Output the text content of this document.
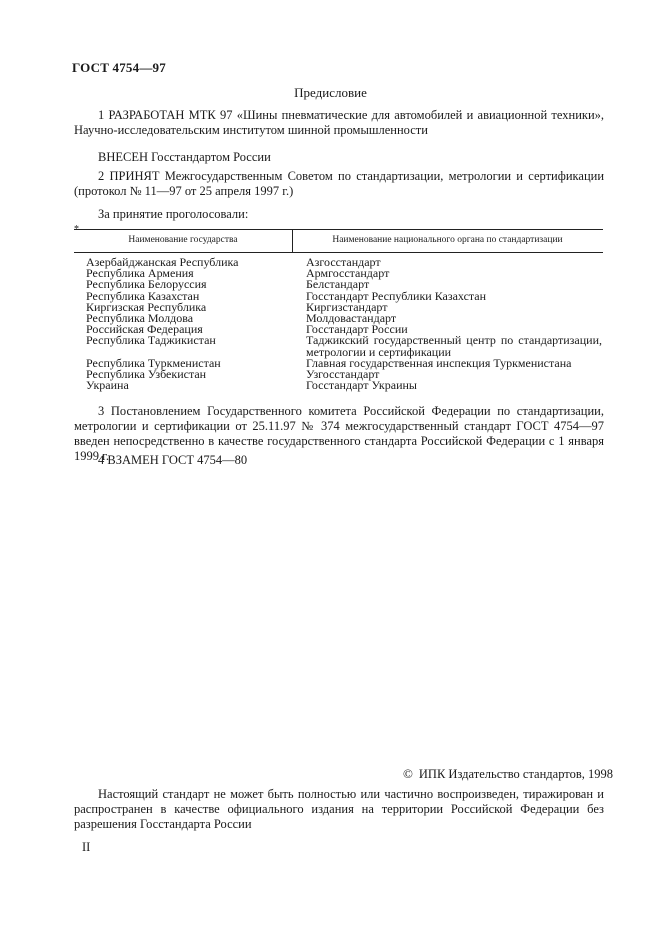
ГОСТ 4754—97
Предисловие
1 РАЗРАБОТАН МТК 97 «Шины пневматические для автомобилей и авиационной техники», Научно-исследовательским институтом шинной промышленности
ВНЕСЕН Госстандартом России
2 ПРИНЯТ Межгосударственным Советом по стандартизации, метрологии и сертификации (протокол № 11—97 от 25 апреля 1997 г.)
За принятие проголосовали:
*
Наименование государства	Наименование национального органа по стандартизации
Азербайджанская Республика
Республика Армения
Республика Белоруссия
Республика Казахстан
Киргизская Республика
Республика Молдова
Российская Федерация
Республика Таджикистан
Республика Туркменистан
Республика Узбекистан
Украина
Азгосстандарт
Армгосстандарт
Белстандарт
Госстандарт Республики Казахстан
Киргизстандарт
Молдовастандарт
Госстандарт России
Таджикский государственный центр по стандартизации, метрологии и сертификации
Главная государственная инспекция Туркменистана
Узгосстандарт
Госстандарт Украины
3 Постановлением Государственного комитета Российской Федерации по стандартизации, метрологии и сертификации от 25.11.97 № 374 межгосударственный стандарт ГОСТ 4754—97 введен непосредственно в качестве государственного стандарта Российской Федерации с 1 января 1999 г.
4 ВЗАМЕН ГОСТ 4754—80
© ИПК Издательство стандартов, 1998
Настоящий стандарт не может быть полностью или частично воспроизведен, тиражирован и распространен в качестве официального издания на территории Российской Федерации без разрешения Госстандарта России
II
